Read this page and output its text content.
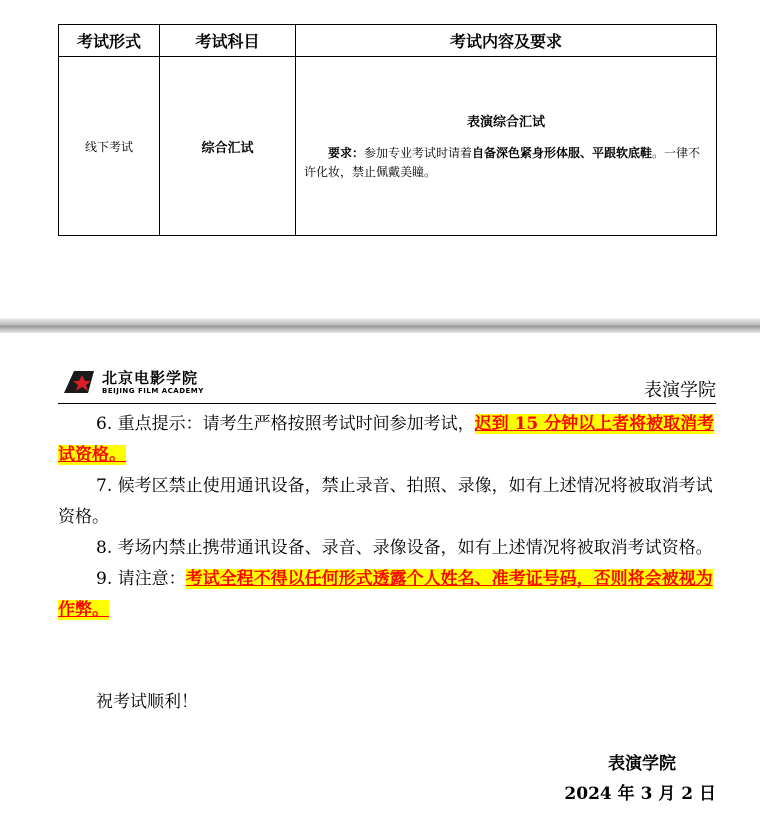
考试形式	考试科目	考试内容及要求
线下考试	综合汇试	表演综合汇试
要求：参加专业考试时请着自备深色紧身形体服、平跟软底鞋。一律不许化妆，禁止佩戴美瞳。
北京电影学院
BEIJING FILM ACADEMY	表演学院

6. 重点提示：请考生严格按照考试时间参加考试，迟到 15 分钟以上者将被取消考试资格。

7. 候考区禁止使用通讯设备，禁止录音、拍照、录像，如有上述情况将被取消考试资格。

8. 考场内禁止携带通讯设备、录音、录像设备，如有上述情况将被取消考试资格。

9. 请注意：考试全程不得以任何形式透露个人姓名、准考证号码，否则将会被视为作弊。

祝考试顺利！
表演学院
2024 年 3 月 2 日
